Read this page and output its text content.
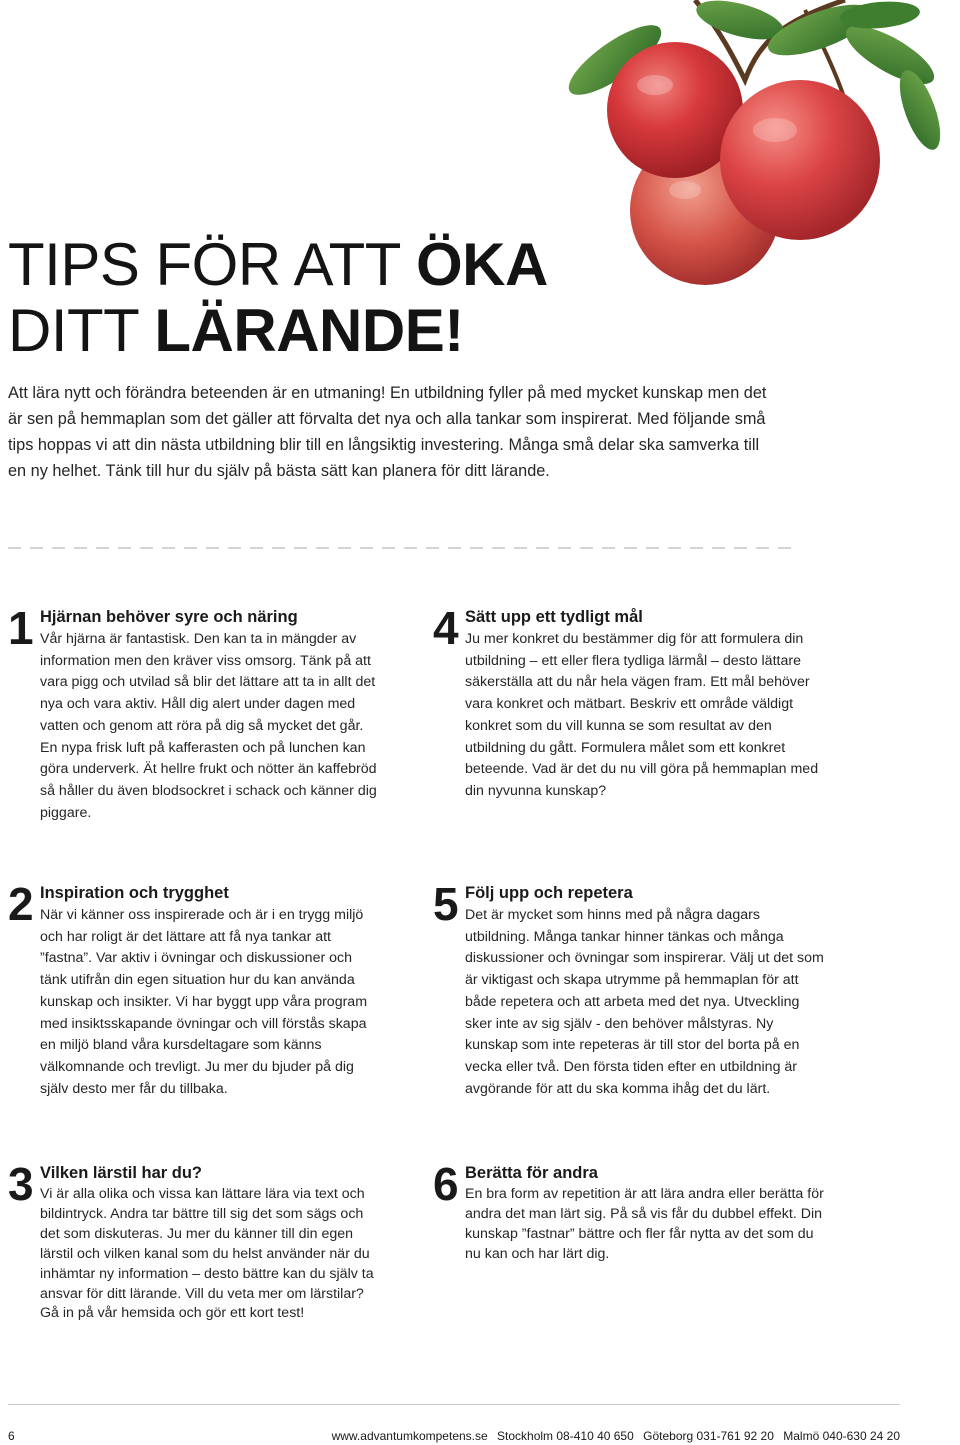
TIPS FÖR ATT ÖKA
DITT LÄRANDE!

Att lära nytt och förändra beteenden är en utmaning! En utbildning fyller på med mycket kunskap men det är sen på hemmaplan som det gäller att förvalta det nya och alla tankar som inspirerat. Med följande små tips hoppas vi att din nästa utbildning blir till en långsiktig investering. Många små delar ska samverka till en ny helhet. Tänk till hur du själv på bästa sätt kan planera för ditt lärande.

1 Hjärnan behöver syre och näring

Vår hjärna är fantastisk. Den kan ta in mängder av information men den kräver viss omsorg. Tänk på att vara pigg och utvilad så blir det lättare att ta in allt det nya och vara aktiv. Håll dig alert under dagen med vatten och genom att röra på dig så mycket det går. En nypa frisk luft på kafferasten och på lunchen kan göra underverk. Ät hellre frukt och nötter än kaffebröd så håller du även blodsockret i schack och känner dig piggare.

2 Inspiration och trygghet

När vi känner oss inspirerade och är i en trygg miljö och har roligt är det lättare att få nya tankar att ”fastna”. Var aktiv i övningar och diskussioner och tänk utifrån din egen situation hur du kan använda kunskap och insikter. Vi har byggt upp våra program med insiktsskapande övningar och vill förstås skapa en miljö bland våra kursdeltagare som känns välkomnande och trevligt. Ju mer du bjuder på dig själv desto mer får du tillbaka.

3 Vilken lärstil har du?

Vi är alla olika och vissa kan lättare lära via text och bildintryck. Andra tar bättre till sig det som sägs och det som diskuteras. Ju mer du känner till din egen lärstil och vilken kanal som du helst använder när du inhämtar ny information – desto bättre kan du själv ta ansvar för ditt lärande. Vill du veta mer om lärstilar? Gå in på vår hemsida och gör ett kort test!

4 Sätt upp ett tydligt mål

Ju mer konkret du bestämmer dig för att formulera din utbildning – ett eller flera tydliga lärmål – desto lättare säkerställa att du når hela vägen fram. Ett mål behöver vara konkret och mätbart. Beskriv ett område väldigt konkret som du vill kunna se som resultat av den utbildning du gått. Formulera målet som ett konkret beteende. Vad är det du nu vill göra på hemmaplan med din nyvunna kunskap?

5 Följ upp och repetera

Det är mycket som hinns med på några dagars utbildning. Många tankar hinner tänkas och många diskussioner och övningar som inspirerar. Välj ut det som är viktigast och skapa utrymme på hemmaplan för att både repetera och att arbeta med det nya. Utveckling sker inte av sig själv - den behöver målstyras. Ny kunskap som inte repeteras är till stor del borta på en vecka eller två. Den första tiden efter en utbildning är avgörande för att du ska komma ihåg det du lärt.

6 Berätta för andra

En bra form av repetition är att lära andra eller berätta för andra det man lärt sig. På så vis får du dubbel effekt. Din kunskap ”fastnar” bättre och fler får nytta av det som du nu kan och har lärt dig.

6	www.advantumkompetens.se Stockholm 08-410 40 650 Göteborg 031-761 92 20 Malmö 040-630 24 20
